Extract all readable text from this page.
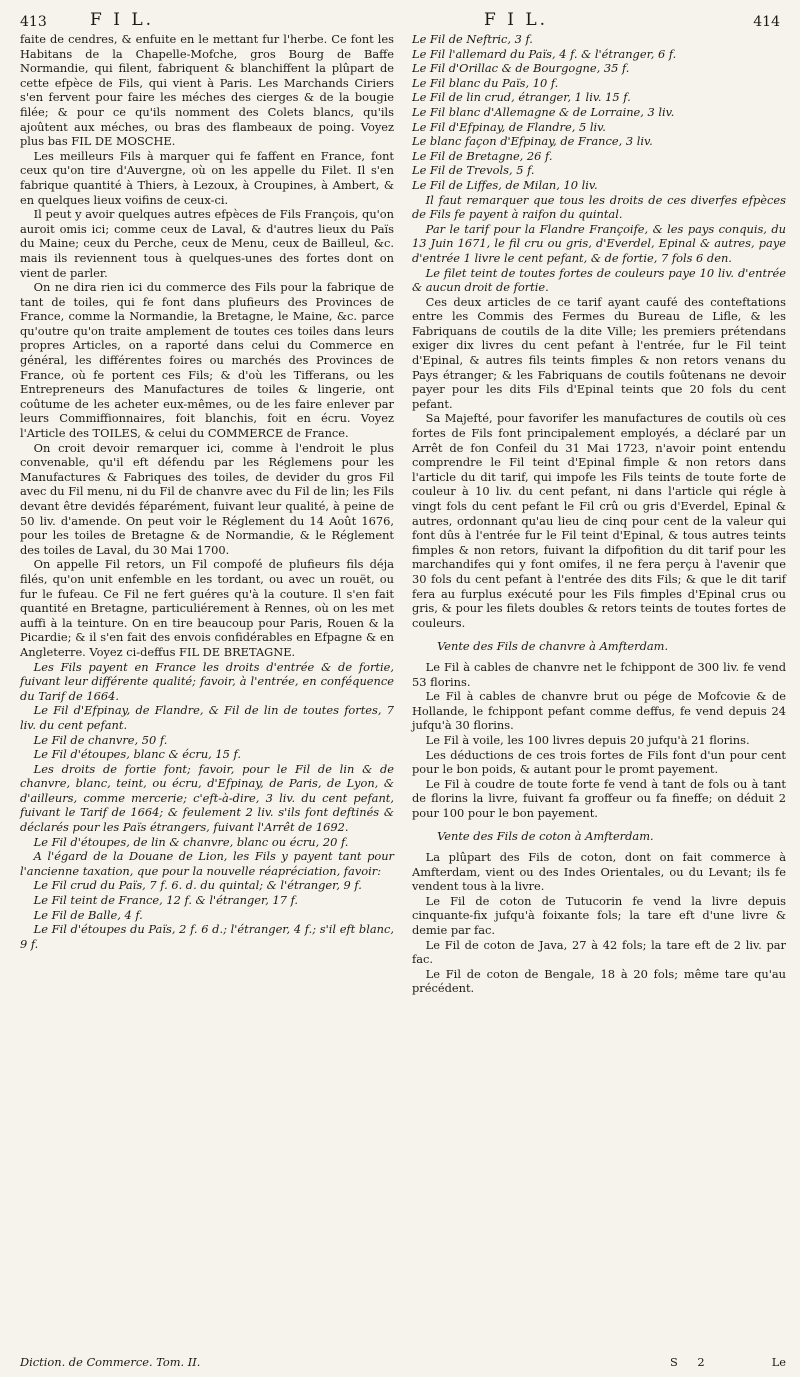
413	F I L.	F I L.	414

faite de cendres, & enfuite en le mettant fur l'herbe. Ce font les Habitans de la Chapelle-Mofche, gros Bourg de Baffe Normandie, qui filent, fabriquent & blanchiffent la plûpart de cette efpèce de Fils, qui vient à Paris. Les Marchands Ciriers s'en fervent pour faire les méches des cierges & de la bougie filée; & pour ce qu'ils nomment des Colets blancs, qu'ils ajoûtent aux méches, ou bras des flambeaux de poing. Voyez plus bas FIL DE MOSCHE.

Les meilleurs Fils à marquer qui fe faffent en France, font ceux qu'on tire d'Auvergne, où on les appelle du Filet. Il s'en fabrique quantité à Thiers, à Lezoux, à Croupines, à Ambert, & en quelques lieux voifins de ceux-ci.

Il peut y avoir quelques autres efpèces de Fils François, qu'on auroit omis ici; comme ceux de Laval, & d'autres lieux du Païs du Maine; ceux du Perche, ceux de Menu, ceux de Bailleul, &c. mais ils reviennent tous à quelques-unes des fortes dont on vient de parler.

On ne dira rien ici du commerce des Fils pour la fabrique de tant de toiles, qui fe font dans plufieurs des Provinces de France, comme la Normandie, la Bretagne, le Maine, &c. parce qu'outre qu'on traite amplement de toutes ces toiles dans leurs propres Articles, on a raporté dans celui du Commerce en général, les différentes foires ou marchés des Provinces de France, où fe portent ces Fils; & d'où les Tifferans, ou les Entrepreneurs des Manufactures de toiles & lingerie, ont coûtume de les acheter eux-mêmes, ou de les faire enlever par leurs Commiffionnaires, foit blanchis, foit en écru. Voyez l'Article des TOILES, & celui du COMMERCE de France.

On croit devoir remarquer ici, comme à l'endroit le plus convenable, qu'il eft défendu par les Réglemens pour les Manufactures & Fabriques des toiles, de devider du gros Fil avec du Fil menu, ni du Fil de chanvre avec du Fil de lin; les Fils devant être devidés féparément, fuivant leur qualité, à peine de 50 liv. d'amende. On peut voir le Réglement du 14 Août 1676, pour les toiles de Bretagne & de Normandie, & le Réglement des toiles de Laval, du 30 Mai 1700.

On appelle Fil retors, un Fil compofé de plufieurs fils déja filés, qu'on unit enfemble en les tordant, ou avec un rouët, ou fur le fufeau. Ce Fil ne fert guéres qu'à la couture. Il s'en fait quantité en Bretagne, particuliérement à Rennes, où on les met auffi à la teinture. On en tire beaucoup pour Paris, Rouen & la Picardie; & il s'en fait des envois confidérables en Efpagne & en Angleterre. Voyez ci-deffus FIL DE BRETAGNE.

Les Fils payent en France les droits d'entrée & de fortie, fuivant leur différente qualité; favoir, à l'entrée, en conféquence du Tarif de 1664.

Le Fil d'Efpinay, de Flandre, & Fil de lin de toutes fortes, 7 liv. du cent pefant.

Le Fil de chanvre, 50 f.

Le Fil d'étoupes, blanc & écru, 15 f.

Les droits de fortie font; favoir, pour le Fil de lin & de chanvre, blanc, teint, ou écru, d'Efpinay, de Paris, de Lyon, & d'ailleurs, comme mercerie; c'eft-à-dire, 3 liv. du cent pefant, fuivant le Tarif de 1664; & feulement 2 liv. s'ils font deftinés & déclarés pour les Païs étrangers, fuivant l'Arrêt de 1692.

Le Fil d'étoupes, de lin & chanvre, blanc ou écru, 20 f.

A l'égard de la Douane de Lion, les Fils y payent tant pour l'ancienne taxation, que pour la nouvelle réapréciation, favoir:

Le Fil crud du Païs, 7 f. 6. d. du quintal; & l'étranger, 9 f.

Le Fil teint de France, 12 f. & l'étranger, 17 f.

Le Fil de Balle, 4 f.

Le Fil d'étoupes du Païs, 2 f. 6 d.; l'étranger, 4 f.; s'il eft blanc, 9 f.

Le Fil de Neftric, 3 f.

Le Fil l'allemard du Païs, 4 f. & l'étranger, 6 f.

Le Fil d'Orillac & de Bourgogne, 35 f.

Le Fil blanc du Païs, 10 f.

Le Fil de lin crud, étranger, 1 liv. 15 f.

Le Fil blanc d'Allemagne & de Lorraine, 3 liv.

Le Fil d'Efpinay, de Flandre, 5 liv.

Le blanc façon d'Efpinay, de France, 3 liv.

Le Fil de Bretagne, 26 f.

Le Fil de Trevols, 5 f.

Le Fil de Liffes, de Milan, 10 liv.

Il faut remarquer que tous les droits de ces diverfes efpèces de Fils fe payent à raifon du quintal.

Par le tarif pour la Flandre Françoife, & les pays conquis, du 13 Juin 1671, le fil cru ou gris, d'Everdel, Epinal & autres, paye d'entrée 1 livre le cent pefant, & de fortie, 7 fols 6 den.

Le filet teint de toutes fortes de couleurs paye 10 liv. d'entrée & aucun droit de fortie.

Ces deux articles de ce tarif ayant caufé des conteftations entre les Commis des Fermes du Bureau de Lifle, & les Fabriquans de coutils de la dite Ville; les premiers prétendans exiger dix livres du cent pefant à l'entrée, fur le Fil teint d'Epinal, & autres fils teints fimples & non retors venans du Pays étranger; & les Fabriquans de coutils foûtenans ne devoir payer pour les dits Fils d'Epinal teints que 20 fols du cent pefant.

Sa Majefté, pour favorifer les manufactures de coutils où ces fortes de Fils font principalement employés, a déclaré par un Arrêt de fon Confeil du 31 Mai 1723, n'avoir point entendu comprendre le Fil teint d'Epinal fimple & non retors dans l'article du dit tarif, qui impofe les Fils teints de toute forte de couleur à 10 liv. du cent pefant, ni dans l'article qui régle à vingt fols du cent pefant le Fil crû ou gris d'Everdel, Epinal & autres, ordonnant qu'au lieu de cinq pour cent de la valeur qui font dûs à l'entrée fur le Fil teint d'Epinal, & tous autres teints fimples & non retors, fuivant la difpofition du dit tarif pour les marchandifes qui y font omifes, il ne fera perçu à l'avenir que 30 fols du cent pefant à l'entrée des dits Fils; & que le dit tarif fera au furplus exécuté pour les Fils fimples d'Epinal crus ou gris, & pour les filets doubles & retors teints de toutes fortes de couleurs.

Vente des Fils de chanvre à Amfterdam.

Le Fil à cables de chanvre net le fchippont de 300 liv. fe vend 53 florins.

Le Fil à cables de chanvre brut ou pége de Mofcovie & de Hollande, le fchippont pefant comme deffus, fe vend depuis 24 jufqu'à 30 florins.

Le Fil à voile, les 100 livres depuis 20 jufqu'à 21 florins.

Les déductions de ces trois fortes de Fils font d'un pour cent pour le bon poids, & autant pour le promt payement.

Le Fil à coudre de toute forte fe vend à tant de fols ou à tant de florins la livre, fuivant fa groffeur ou fa fineffe; on déduit 2 pour 100 pour le bon payement.

Vente des Fils de coton à Amfterdam.

La plûpart des Fils de coton, dont on fait commerce à Amfterdam, vient ou des Indes Orientales, ou du Levant; ils fe vendent tous à la livre.

Le Fil de coton de Tutucorin fe vend la livre depuis cinquante-fix jufqu'à foixante fols; la tare eft d'une livre & demie par fac.

Le Fil de coton de Java, 27 à 42 fols; la tare eft de 2 liv. par fac.

Le Fil de coton de Bengale, 18 à 20 fols; même tare qu'au précédent.

Diction. de Commerce. Tom. II.	S 2	Le
